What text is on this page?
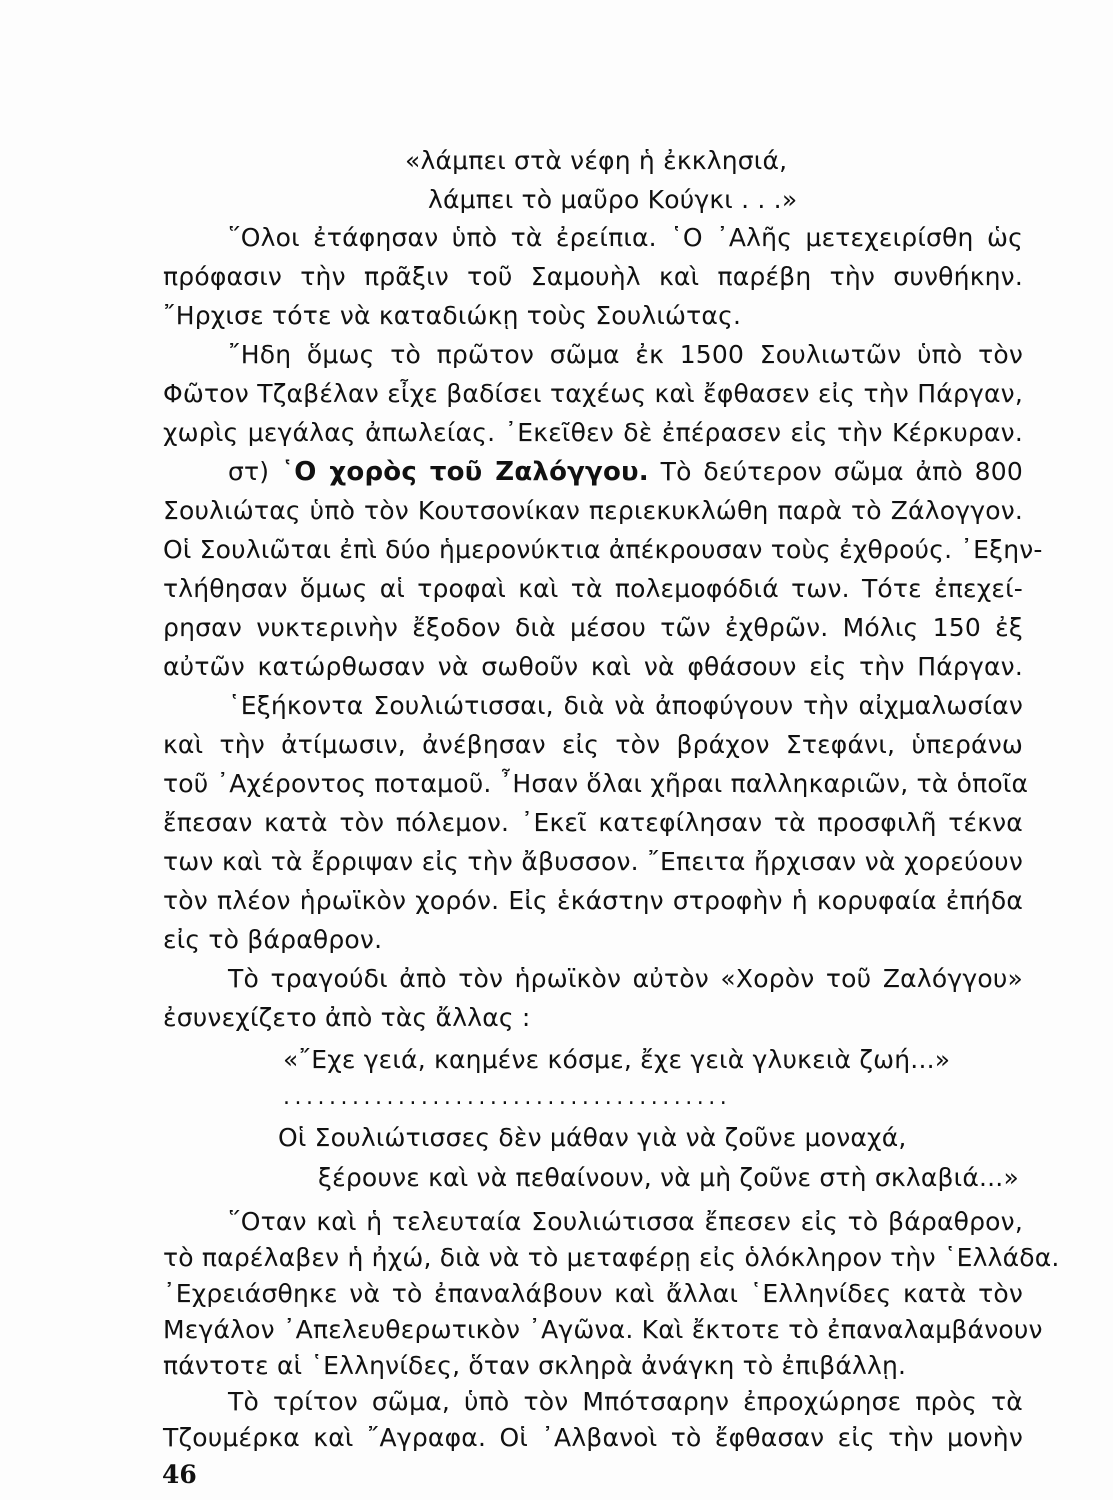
«λάμπει στὰ νέφη ἡ ἐκκλησιά,
λάμπει τὸ μαῦρο Κούγκι . . .»
῞Ολοι ἐτάφησαν ὑπὸ τὰ ἐρείπια. ῾Ο ᾿Αλῆς μετεχειρίσθη ὡς
πρόφασιν τὴν πρᾶξιν τοῦ Σαμουὴλ καὶ παρέβη τὴν συνθήκην.
῎Ηρχισε τότε νὰ καταδιώκῃ τοὺς Σουλιώτας.
῎Ηδη ὅμως τὸ πρῶτον σῶμα ἐκ 1500 Σουλιωτῶν ὑπὸ τὸν
Φῶτον Τζαβέλαν εἶχε βαδίσει ταχέως καὶ ἔφθασεν εἰς τὴν Πάργαν,
χωρὶς μεγάλας ἀπωλείας. ᾿Εκεῖθεν δὲ ἐπέρασεν εἰς τὴν Κέρκυραν.
στ) ῾Ο χορὸς τοῦ Ζαλόγγου. Τὸ δεύτερον σῶμα ἀπὸ 800
Σουλιώτας ὑπὸ τὸν Κουτσονίκαν περιεκυκλώθη παρὰ τὸ Ζάλογγον.
Οἱ Σουλιῶται ἐπὶ δύο ἡμερονύκτια ἀπέκρουσαν τοὺς ἐχθρούς. ᾿Εξην-
τλήθησαν ὅμως αἱ τροφαὶ καὶ τὰ πολεμοφόδιά των. Τότε ἐπεχεί-
ρησαν νυκτερινὴν ἔξοδον διὰ μέσου τῶν ἐχθρῶν. Μόλις 150 ἐξ
αὐτῶν κατώρθωσαν νὰ σωθοῦν καὶ νὰ φθάσουν εἰς τὴν Πάργαν.
῾Εξήκοντα Σουλιώτισσαι, διὰ νὰ ἀποφύγουν τὴν αἰχμαλωσίαν
καὶ τὴν ἀτίμωσιν, ἀνέβησαν εἰς τὸν βράχον Στεφάνι, ὑπεράνω
τοῦ ᾿Αχέροντος ποταμοῦ. ῏Ησαν ὅλαι χῆραι παλληκαριῶν, τὰ ὁποῖα
ἔπεσαν κατὰ τὸν πόλεμον. ᾿Εκεῖ κατεφίλησαν τὰ προσφιλῆ τέκνα
των καὶ τὰ ἔρριψαν εἰς τὴν ἄβυσσον. ῎Επειτα ἤρχισαν νὰ χορεύουν
τὸν πλέον ἡρωϊκὸν χορόν. Εἰς ἑκάστην στροφὴν ἡ κορυφαία ἐπήδα
εἰς τὸ βάραθρον.
Τὸ τραγούδι ἀπὸ τὸν ἡρωϊκὸν αὐτὸν «Χορὸν τοῦ Ζαλόγγου»
ἐσυνεχίζετο ἀπὸ τὰς ἄλλας :
«῎Εχε γειά, καημένε κόσμε, ἔχε γειὰ γλυκειὰ ζωή...»
.......................................
Οἱ Σουλιώτισσες δὲν μάθαν γιὰ νὰ ζοῦνε μοναχά,
ξέρουνε καὶ νὰ πεθαίνουν, νὰ μὴ ζοῦνε στὴ σκλαβιά...»
῞Οταν καὶ ἡ τελευταία Σουλιώτισσα ἔπεσεν εἰς τὸ βάραθρον,
τὸ παρέλαβεν ἡ ἠχώ, διὰ νὰ τὸ μεταφέρῃ εἰς ὁλόκληρον τὴν ῾Ελλάδα.
᾿Εχρειάσθηκε νὰ τὸ ἐπαναλάβουν καὶ ἄλλαι ῾Ελληνίδες κατὰ τὸν
Μεγάλον ᾿Απελευθερωτικὸν ᾿Αγῶνα. Καὶ ἔκτοτε τὸ ἐπαναλαμβάνουν
πάντοτε αἱ ῾Ελληνίδες, ὅταν σκληρὰ ἀνάγκη τὸ ἐπιβάλλῃ.
Τὸ τρίτον σῶμα, ὑπὸ τὸν Μπότσαρην ἐπροχώρησε πρὸς τὰ
Τζουμέρκα καὶ ῎Αγραφα. Οἱ ᾿Αλβανοὶ τὸ ἔφθασαν εἰς τὴν μονὴν
46
